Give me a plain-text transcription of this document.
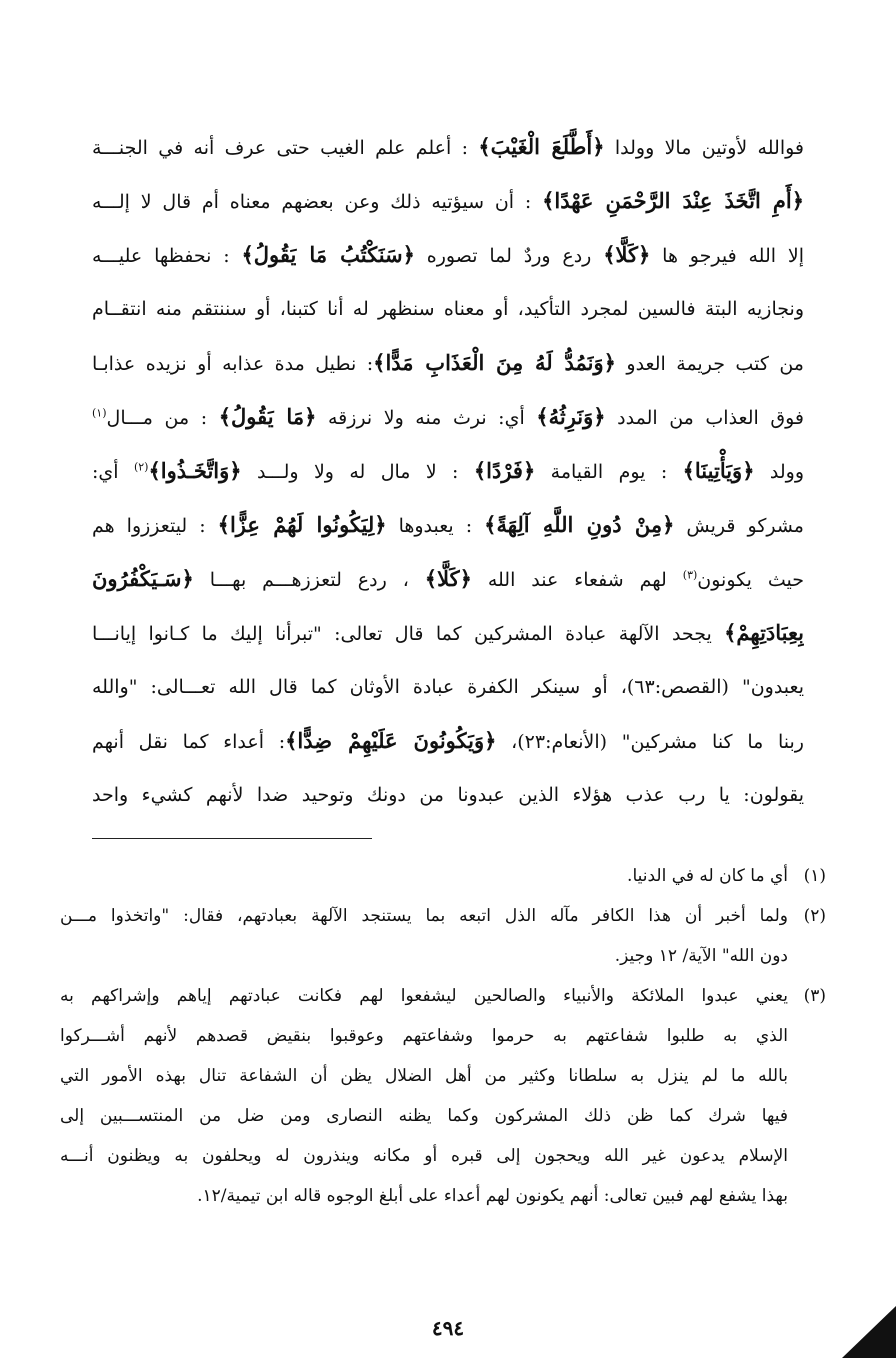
فوالله لأوتين مالا وولدا ﴿أَطَّلَعَ الْغَيْبَ﴾ : أعلم علم الغيب حتى عرف أنه في الجنـــة
﴿أَمِ اتَّخَذَ عِنْدَ الرَّحْمَنِ عَهْدًا﴾ : أن سيؤتيه ذلك وعن بعضهم معناه أم قال لا إلـــه
إلا الله فيرجو ها ﴿كَلَّا﴾ ردع وردٌ لما تصوره ﴿سَنَكْتُبُ مَا يَقُولُ﴾ : نحفظها عليـــه
ونجازيه البتة فالسين لمجرد التأكيد، أو معناه سنظهر له أنا كتبنا، أو سننتقم منه انتقــام
من كتب جريمة العدو ﴿وَنَمُدُّ لَهُ مِنَ الْعَذَابِ مَدًّا﴾: نطيل مدة عذابه أو نزيده عذابـا
فوق العذاب من المدد ﴿وَنَرِثُهُ﴾ أي: نرث منه ولا نرزقه ﴿مَا يَقُولُ﴾ : من مـــال$^{(١)}$
وولد ﴿وَيَأْتِينَا﴾ : يوم القيامة ﴿فَرْدًا﴾ : لا مال له ولا ولـــد ﴿وَاتَّخَـذُوا﴾$^{(٢)}$ أي:
مشركو قريش ﴿مِنْ دُونِ اللَّهِ آلِهَةً﴾ : يعبدوها ﴿لِيَكُونُوا لَهُمْ عِزًّا﴾ : ليتعززوا هم
حيث يكونون$^{(٣)}$ لهم شفعاء عند الله ﴿كَلَّا﴾ ، ردع لتعززهـــم بهـــا ﴿سَـيَكْفُرُونَ
بِعِبَادَتِهِمْ﴾ يجحد الآلهة عبادة المشركين كما قال تعالى: "تبرأنا إليك ما كـانوا إيانـــا
يعبدون" (القصص:٦٣)، أو سينكر الكفرة عبادة الأوثان كما قال الله تعـــالى: "والله
ربنا ما كنا مشركين" (الأنعام:٢٣)، ﴿وَيَكُونُونَ عَلَيْهِمْ ضِدًّا﴾: أعداء كما نقل أنهم
يقولون: يا رب عذب هؤلاء الذين عبدونا من دونك وتوحيد ضدا لأنهم كشيء واحد
(١)
أي ما كان له في الدنيا.
(٢)
ولما أخبر أن هذا الكافر مآله الذل اتبعه بما يستنجد الآلهة بعبادتهم، فقال: "واتخذوا مـــن
دون الله" الآية/ ١٢ وجيز.
(٣)
يعني عبدوا الملائكة والأنبياء والصالحين ليشفعوا لهم فكانت عبادتهم إياهم وإشراكهم به
الذي به طلبوا شفاعتهم به حرموا وشفاعتهم وعوقبوا بنقيض قصدهم لأنهم أشـــركوا
بالله ما لم ينزل به سلطانا وكثير من أهل الضلال يظن أن الشفاعة تنال بهذه الأمور التي
فيها شرك كما ظن ذلك المشركون وكما يظنه النصارى ومن ضل من المنتســـبين إلى
الإسلام يدعون غير الله ويحجون إلى قبره أو مكانه وينذرون له ويحلفون به ويظنون أنـــه
بهذا يشفع لهم فبين تعالى: أنهم يكونون لهم أعداء على أبلغ الوجوه قاله ابن تيمية/١٢.
٤٩٤
